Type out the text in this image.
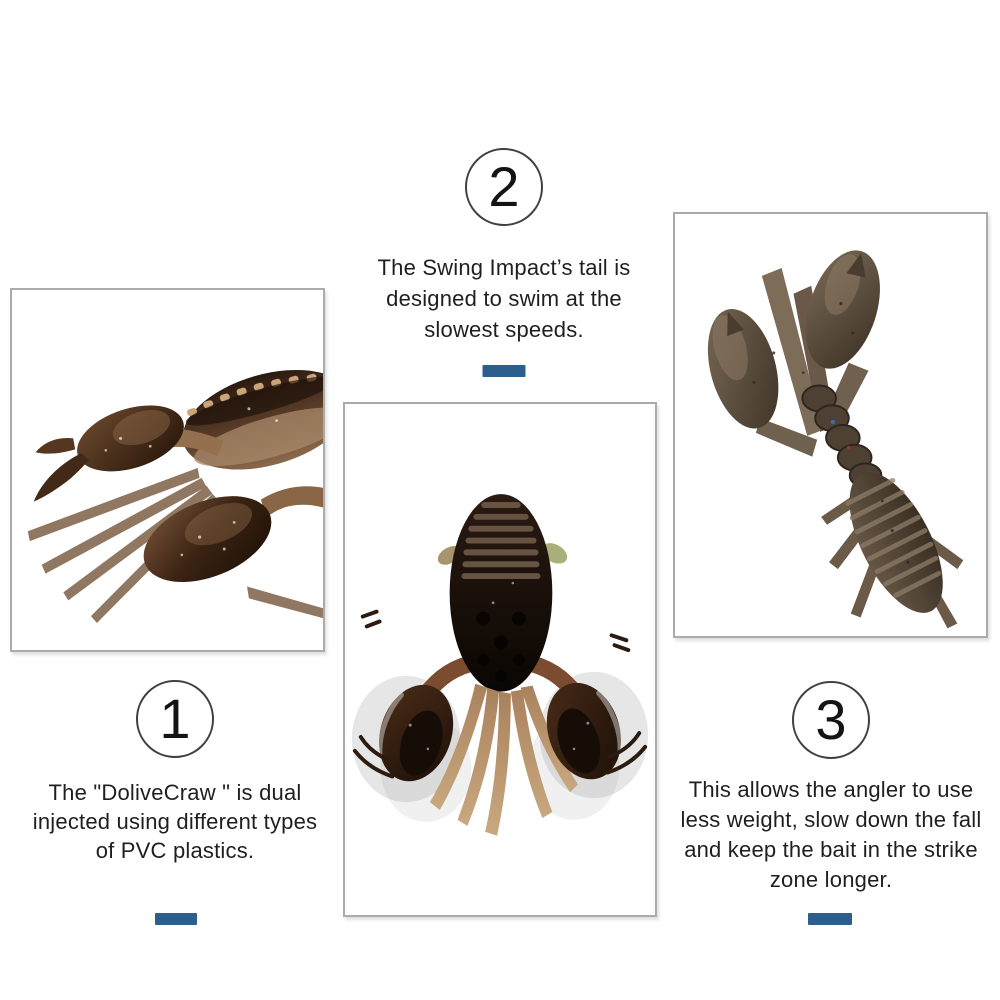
2
The Swing Impact’s tail is
designed to swim at the
slowest speeds.
1
The "DoliveCraw " is dual
injected using different types
of PVC plastics.
3
This allows the angler to use
less weight, slow down the fall
and keep the bait in the strike
zone longer.
